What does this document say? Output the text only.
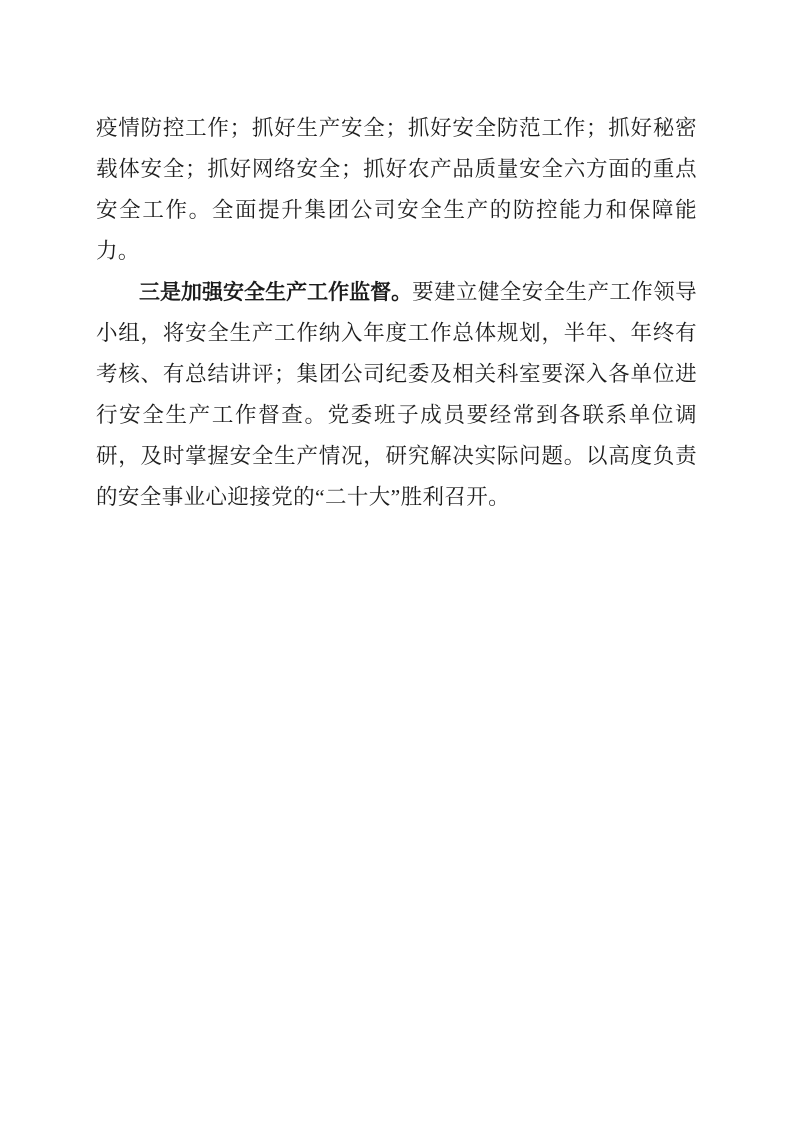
疫情防控工作；抓好生产安全；抓好安全防范工作；抓好秘密载体安全；抓好网络安全；抓好农产品质量安全六方面的重点安全工作。全面提升集团公司安全生产的防控能力和保障能力。

三是加强安全生产工作监督。要建立健全安全生产工作领导小组，将安全生产工作纳入年度工作总体规划，半年、年终有考核、有总结讲评；集团公司纪委及相关科室要深入各单位进行安全生产工作督查。党委班子成员要经常到各联系单位调研，及时掌握安全生产情况，研究解决实际问题。以高度负责的安全事业心迎接党的“二十大”胜利召开。
